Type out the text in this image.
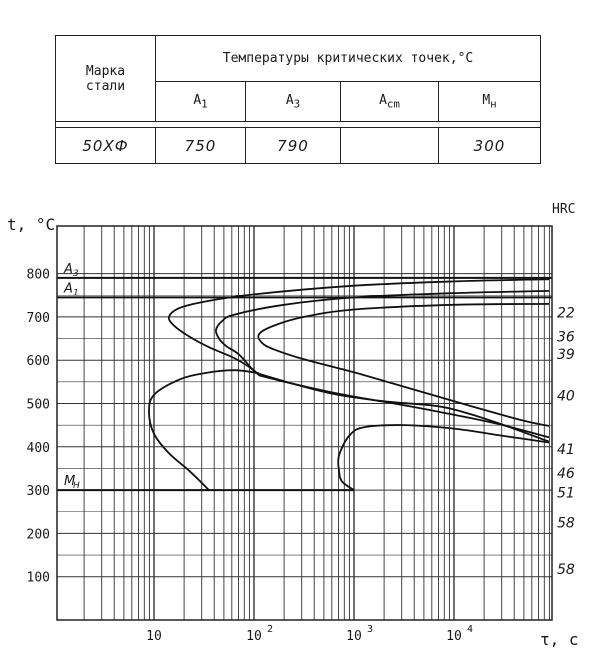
Марка стали	Температуры критических точек,°C			
	$A_1$	$A_3$	$A_{cm}$	$M_н$

50ХФ	750	790		300
A 3
A 1
M
H
800
700
600
500
400
300
200
100
10	10 2	10 3	10 4
22
36
39
40
41
46
51
58
58
t, °C
τ, с
HRC
